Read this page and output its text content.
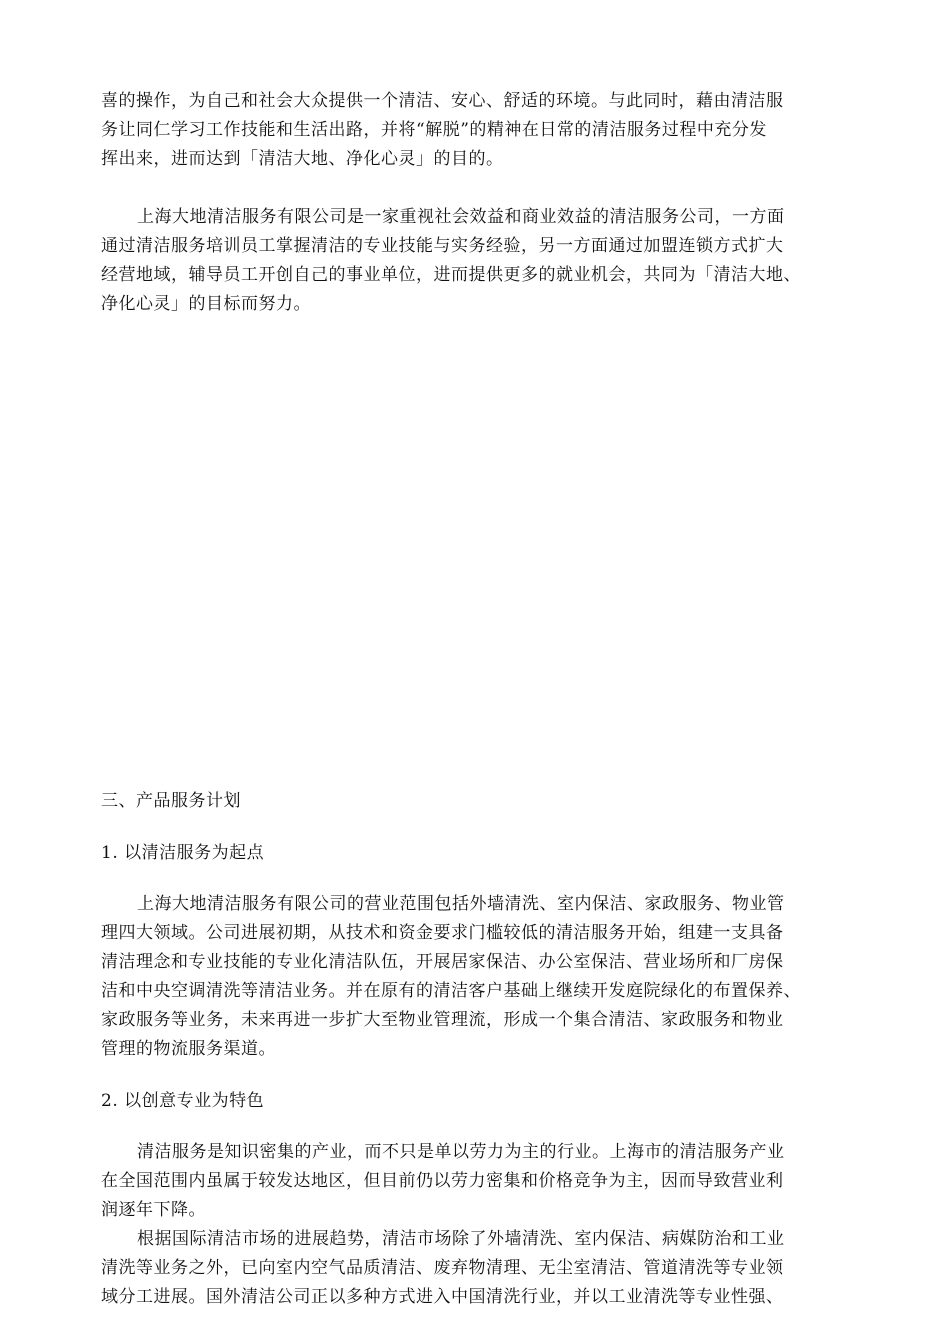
喜的操作，为自己和社会大众提供一个清洁、安心、舒适的环境。与此同时，藉由清洁服
务让同仁学习工作技能和生活出路，并将“解脱”的精神在日常的清洁服务过程中充分发
挥出来，进而达到「清洁大地、净化心灵」的目的。
上海大地清洁服务有限公司是一家重视社会效益和商业效益的清洁服务公司，一方面
通过清洁服务培训员工掌握清洁的专业技能与实务经验，另一方面通过加盟连锁方式扩大
经营地域，辅导员工开创自己的事业单位，进而提供更多的就业机会，共同为「清洁大地、
净化心灵」的目标而努力。
三、产品服务计划
1. 以清洁服务为起点
上海大地清洁服务有限公司的营业范围包括外墙清洗、室内保洁、家政服务、物业管
理四大领域。公司进展初期，从技术和资金要求门槛较低的清洁服务开始，组建一支具备
清洁理念和专业技能的专业化清洁队伍，开展居家保洁、办公室保洁、营业场所和厂房保
洁和中央空调清洗等清洁业务。并在原有的清洁客户基础上继续开发庭院绿化的布置保养、
家政服务等业务，未来再进一步扩大至物业管理流，形成一个集合清洁、家政服务和物业
管理的物流服务渠道。
2. 以创意专业为特色
清洁服务是知识密集的产业，而不只是单以劳力为主的行业。上海市的清洁服务产业
在全国范围内虽属于较发达地区，但目前仍以劳力密集和价格竞争为主，因而导致营业利
润逐年下降。
根据国际清洁市场的进展趋势，清洁市场除了外墙清洗、室内保洁、病媒防治和工业
清洗等业务之外，已向室内空气品质清洁、废弃物清理、无尘室清洁、管道清洗等专业领
域分工进展。国外清洁公司正以多种方式进入中国清洗行业，并以工业清洗等专业性强、
